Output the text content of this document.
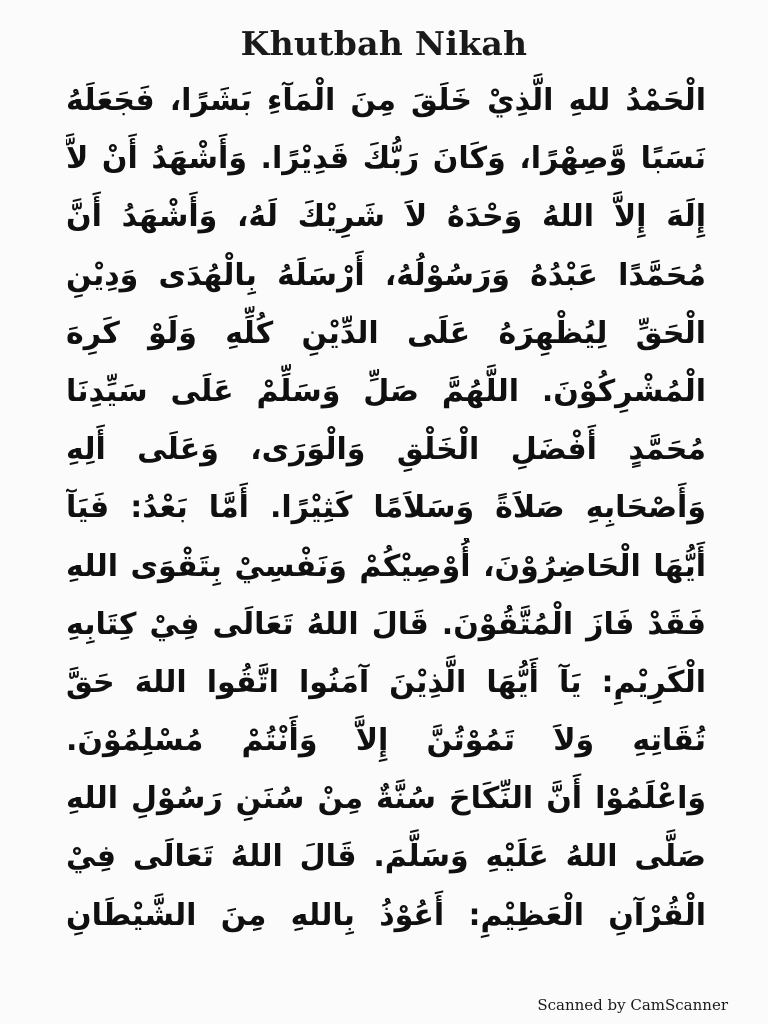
Khutbah Nikah
الْحَمْدُ للهِ الَّذِيْ خَلَقَ مِنَ الْمَآءِ بَشَرًا، فَجَعَلَهُ
نَسَبًا وَّصِهْرًا، وَكَانَ رَبُّكَ قَدِيْرًا. وَأَشْهَدُ أَنْ لاَّ
إِلَهَ إِلاَّ اللهُ وَحْدَهُ لاَ شَرِيْكَ لَهُ، وَأَشْهَدُ أَنَّ
مُحَمَّدًا عَبْدُهُ وَرَسُوْلُهُ، أَرْسَلَهُ بِالْهُدَى وَدِيْنِ
الْحَقِّ لِيُظْهِرَهُ عَلَى الدِّيْنِ كُلِّهِ وَلَوْ كَرِهَ
الْمُشْرِكُوْنَ. اللَّهُمَّ صَلِّ وَسَلِّمْ عَلَى سَيِّدِنَا
مُحَمَّدٍ أَفْضَلِ الْخَلْقِ وَالْوَرَى، وَعَلَى أَلِهِ
وَأَصْحَابِهِ صَلاَةً وَسَلاَمًا كَثِيْرًا. أَمَّا بَعْدُ: فَيَآ
أَيُّهَا الْحَاضِرُوْنَ، أُوْصِيْكُمْ وَنَفْسِيْ بِتَقْوَى اللهِ
فَقَدْ فَازَ الْمُتَّقُوْنَ. قَالَ اللهُ تَعَالَى فِيْ كِتَابِهِ
الْكَرِيْمِ: يَآ أَيُّهَا الَّذِيْنَ آمَنُوا اتَّقُوا اللهَ حَقَّ
تُقَاتِهِ وَلاَ تَمُوْتُنَّ إِلاَّ وَأَنْتُمْ مُسْلِمُوْنَ.
وَاعْلَمُوْا أَنَّ النِّكَاحَ سُنَّةٌ مِنْ سُنَنِ رَسُوْلِ اللهِ
صَلَّى اللهُ عَلَيْهِ وَسَلَّمَ. قَالَ اللهُ تَعَالَى فِيْ
الْقُرْآنِ الْعَظِيْمِ: أَعُوْذُ بِاللهِ مِنَ الشَّيْطَانِ
Scanned by CamScanner
